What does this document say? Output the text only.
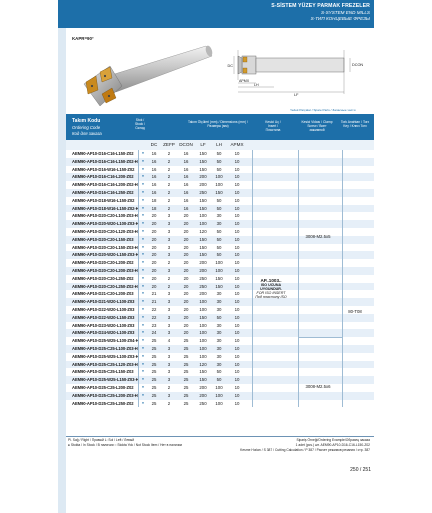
S-SİSTEM YÜZEY PARMAK FREZELER
S-SYSTEM END MILLS
S-ТИП КОНЦЕВЫЕ ФРЕЗЫ
KAPR=90°
DC	DCON
APMX
LH
LF
Yedek Parçalar / Spare Parts / Запасные части
Takım Kodu
Ordering Code
Код для заказа
Stok / Stock / Склад
Takım Ölçüleri (mm) / Dimensions (mm) / Размеры (мм)
Kesici Uç / Insert / Пластина
Kesici Vidası / Clamp Screw / Винт зажимной
Tork Anahtarı / Torx Key / Ключ Torx
DC	ZEFP DCON	LF	LH	APMX
AEM90-AP10-D16-C16-L150-Z02	●	16	2	16	150	50	10
AEM90-AP10-D16-C16-L150-Z02-H	●	16	2	16	150	50	10
AEM90-AP10-D16-W16-L150-Z02	●	16	2	16	150	50	10
AEM90-AP10-D16-C16-L200-Z02	●	16	2	16	200	100	10
AEM90-AP10-D16-C16-L200-Z02-H	●	16	2	16	200	100	10
AEM90-AP10-D16-C16-L250-Z02	●	16	2	16	250	150	10
AEM90-AP10-D18-W16-L150-Z02	●	18	2	16	150	50	10
AEM90-AP10-D18-W16-L150-Z02-H ●	18	2	16	150	50	10
AEM90-AP10-D20-C20-L100-Z03-H	●	20	3	20	100	30	10
AEM90-AP10-D20-W20-L100-Z03-H ●	20	3	20	100	30	10
AEM90-AP10-D20-C20-L120-Z03-H	●	20	3	20	120	50	10
AEM90-AP10-D20-C20-L150-Z03	●	20	3	20	150	50	10
AEM90-AP10-D20-C20-L150-Z03-H	●	20	3	20	150	50	10
AEM90-AP10-D20-W20-L150-Z03-H ●	20	3	20	150	50	10
AEM90-AP10-D20-C20-L200-Z02	●	20	2	20	200	100	10
AEM90-AP10-D20-C20-L200-Z03-H	●	20	3	20	200	100	10
AEM90-AP10-D20-C20-L250-Z02	●	20	2	20	250	150	10
AEM90-AP10-D20-C20-L250-Z02-H	●	20	2	20	250	150	10
AEM90-AP10-D21-C20-L200-Z03	●	21	3	20	200	30	10
AEM90-AP10-D21-W20-L100-Z03	●	21	3	20	100	30	10
AEM90-AP10-D22-W20-L100-Z03	●	22	3	20	100	30	10
AEM90-AP10-D22-W20-L150-Z03	●	22	3	20	150	50	10
AEM90-AP10-D23-W20-L100-Z03	●	23	3	20	100	30	10
AEM90-AP10-D24-W20-L100-Z03	●	24	3	20	100	30	10
AEM90-AP10-D25-W25-L100-Z04-H ●	25	4	25	100	30	10
AEM90-AP10-D25-C25-L100-Z03-H	●	25	3	25	100	30	10
AEM90-AP10-D25-W25-L100-Z03-H ●	25	3	25	100	30	10
AEM90-AP10-D25-C25-L120-Z03-H	●	25	3	25	120	30	10
AEM90-AP10-D25-C25-L150-Z03	●	25	3	25	150	50	10
AEM90-AP10-D25-W25-L150-Z03-H ●	25	3	25	150	50	10
AEM90-AP10-D25-C25-L200-Z02	●	25	2	25	200	100	10
AEM90-AP10-D25-C25-L200-Z03-H	●	25	3	25	200	100	10
AEM90-AP10-D25-C25-L250-Z02	●	25	2	25	250	100	10
AP..1003..
ISO UCUNA
UYGUNDUR.
FOR ISO INSERT
Под пластину ISO
3008-M2.5x5
3008-M2.5x6
80-T08
Pl. Sağ / Right / Правый L: Sol / Left / Левый
● Stokta / In Stock / В наличии ○ Stokta Yok / Not Stock Item / Нет в наличии
Sipariş Örneği/Ordering Example/Образец заказа
1 adet (pcs.) шт. AEM90-AP10-D16-C16-L150-Z02
Kesme Hızları / S 387 / Cutting Calculation / P 387 / Расчет режимов резания / стр. 387
250 / 251
